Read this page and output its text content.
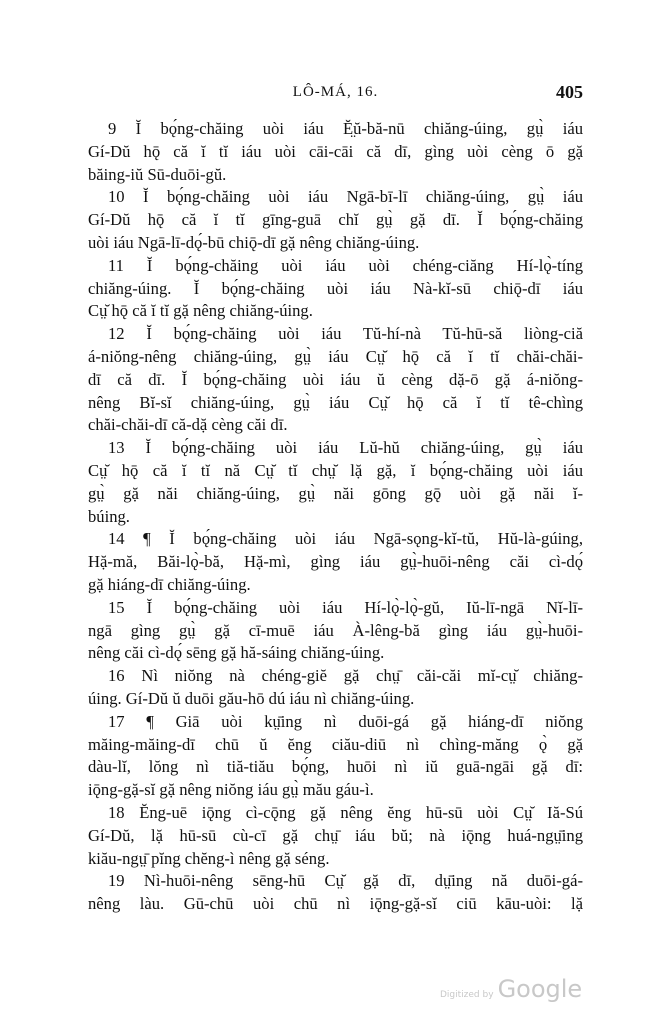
LÔ-MÁ, 16.	405
9 Ĭ bǫ́ng-chăing uòi iáu Ĕ̤ŭ-bă-nū chiăng-úing, gṳ̀ iáu
Gí-Dŭ hǭ că ĭ tĭ iáu uòi cāi-cāi că dī, gìng uòi cèng ō gặ
băing-iŭ Sū-duōi-gŭ.
10 Ĭ bǫ́ng-chăing uòi iáu Ngā-bī-lī chiăng-úing, gṳ̀ iáu
Gí-Dŭ hǭ că ĭ tĭ gīng-guā chĭ gṳ̀ gặ dī. Ĭ bǫ́ng-chăing
uòi iáu Ngā-lī-dǫ́-bū chiǭ-dī gặ nêng chiăng-úing.
11 Ĭ bǫ́ng-chăing uòi iáu uòi chéng-ciăng Hí-lǫ̀-tíng
chiăng-úing. Ĭ bǫ́ng-chăing uòi iáu Nà-kĭ-sū chiǭ-dī iáu
Cṳ̆ hǭ că ĭ tĭ gặ nêng chiăng-úing.
12 Ĭ bǫ́ng-chăing uòi iáu Tŭ-hí-nà Tŭ-hū-să liòng-ciă
á-niŏng-nêng chiăng-úing, gṳ̀ iáu Cṳ̆ hǭ că ĭ tĭ chăi-chăi-
dī că dī. Ĭ bǫ́ng-chăing uòi iáu ŭ cèng dặ-ō gặ á-niŏng-
nêng Bĭ-sĭ chiăng-úing, gṳ̀ iáu Cṳ̆ hǭ că ĭ tĭ tê-chìng
chăi-chăi-dī că-dặ cèng căi dī.
13 Ĭ bǫ́ng-chăing uòi iáu Lŭ-hŭ chiăng-úing, gṳ̀ iáu
Cṳ̆ hǭ că ĭ tĭ nă Cṳ̆ tĭ chṳ̆ lặ gặ, ĭ bǫ́ng-chăing uòi iáu
gṳ̀ gặ năi chiăng-úing, gṳ̀ năi gōng gǭ uòi gặ năi ĭ-
búing.
14 ¶ Ĭ bǫ́ng-chăing uòi iáu Ngā-sǫng-kĭ-tŭ, Hŭ-là-gúing,
Hặ-mă, Băi-lǫ̀-bă, Hặ-mì, gìng iáu gṳ̀-huōi-nêng căi cì-dǫ́
gặ hiáng-dī chiăng-úing.
15 Ĭ bǫ́ng-chăing uòi iáu Hí-lǫ̀-lǫ̀-gŭ, Iŭ-lī-ngā Nĭ-lī-
ngā gìng gṳ̀ gặ cī-muē iáu À-lêng-bă gìng iáu gṳ̀-huōi-
nêng căi cì-dǫ́ sēng gặ hă-sáing chiăng-úing.
16 Nì niŏng nà chéng-giĕ gặ chṳ̄ căi-căi mĭ-cṳ̆ chiăng-
úing. Gí-Dŭ ŭ duōi gău-hō dú iáu nì chiăng-úing.
17 ¶ Giā uòi kṳ̄ing nì duōi-gá gặ hiáng-dī niŏng
măing-măing-dī chū ŭ ĕng ciău-diū nì chìng-măng ǫ̀ gặ
dàu-lĭ, lŏng nì tiă-tiău bǫ́ng, huōi nì iŭ guā-ngāi gặ dī:
iǭng-gặ-sĭ gặ nêng niŏng iáu gṳ̀ mău gáu-ì.
18 Ĕng-uē iǭng cì-cǭng gặ nêng ĕng hū-sū uòi Cṳ̆ Iă-Sú
Gí-Dŭ, lặ hū-sū cù-cī gặ chṳ̄ iáu bŭ; nà iǭng huá-ngṳ̄ing
kiău-ngṳ̄ pĭng chĕng-ì nêng gặ séng.
19 Nì-huōi-nêng sēng-hū Cṳ̆ gặ dī, dṳ̄ing nă duōi-gá-
nêng làu. Gū-chū uòi chū nì iǭng-gặ-sĭ ciū kāu-uòi: lặ
Digitized by Google
